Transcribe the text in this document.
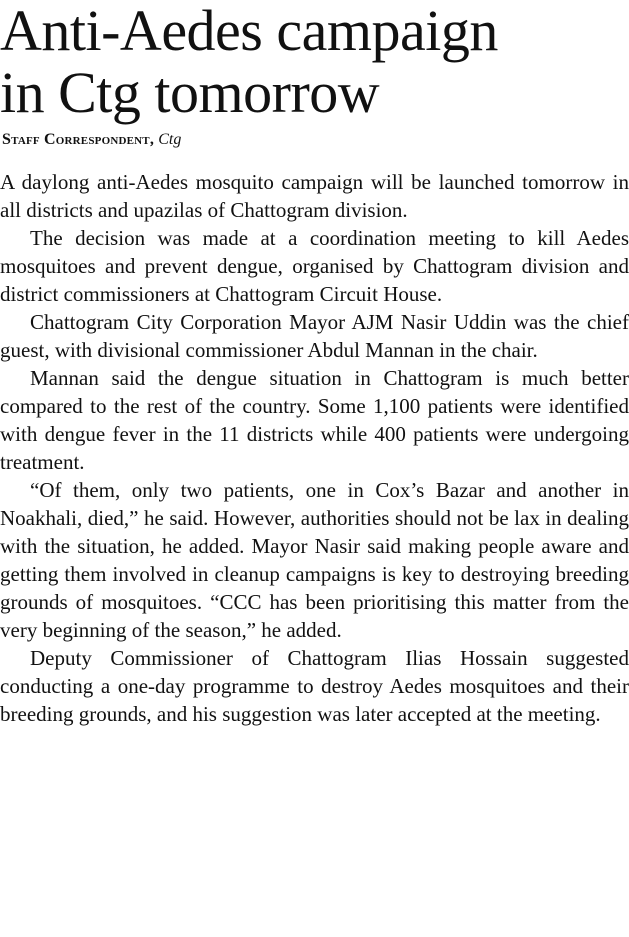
Anti-Aedes campaign
in Ctg tomorrow
Staff Correspondent, Ctg

A daylong anti-Aedes mosquito campaign will be launched tomorrow in all districts and upazilas of Chattogram division.

The decision was made at a coordination meeting to kill Aedes mosquitoes and prevent dengue, organised by Chattogram division and district commissioners at Chattogram Circuit House.

Chattogram City Corporation Mayor AJM Nasir Uddin was the chief guest, with divisional commissioner Abdul Mannan in the chair.

Mannan said the dengue situation in Chattogram is much better compared to the rest of the country. Some 1,100 patients were identified with dengue fever in the 11 districts while 400 patients were undergoing treatment.

“Of them, only two patients, one in Cox’s Bazar and another in Noakhali, died,” he said. However, authorities should not be lax in dealing with the situation, he added. Mayor Nasir said making people aware and getting them involved in cleanup campaigns is key to destroying breeding grounds of mosquitoes. “CCC has been prioritising this matter from the very beginning of the season,” he added.

Deputy Commissioner of Chattogram Ilias Hossain suggested conducting a one-day programme to destroy Aedes mosquitoes and their breeding grounds, and his suggestion was later accepted at the meeting.
